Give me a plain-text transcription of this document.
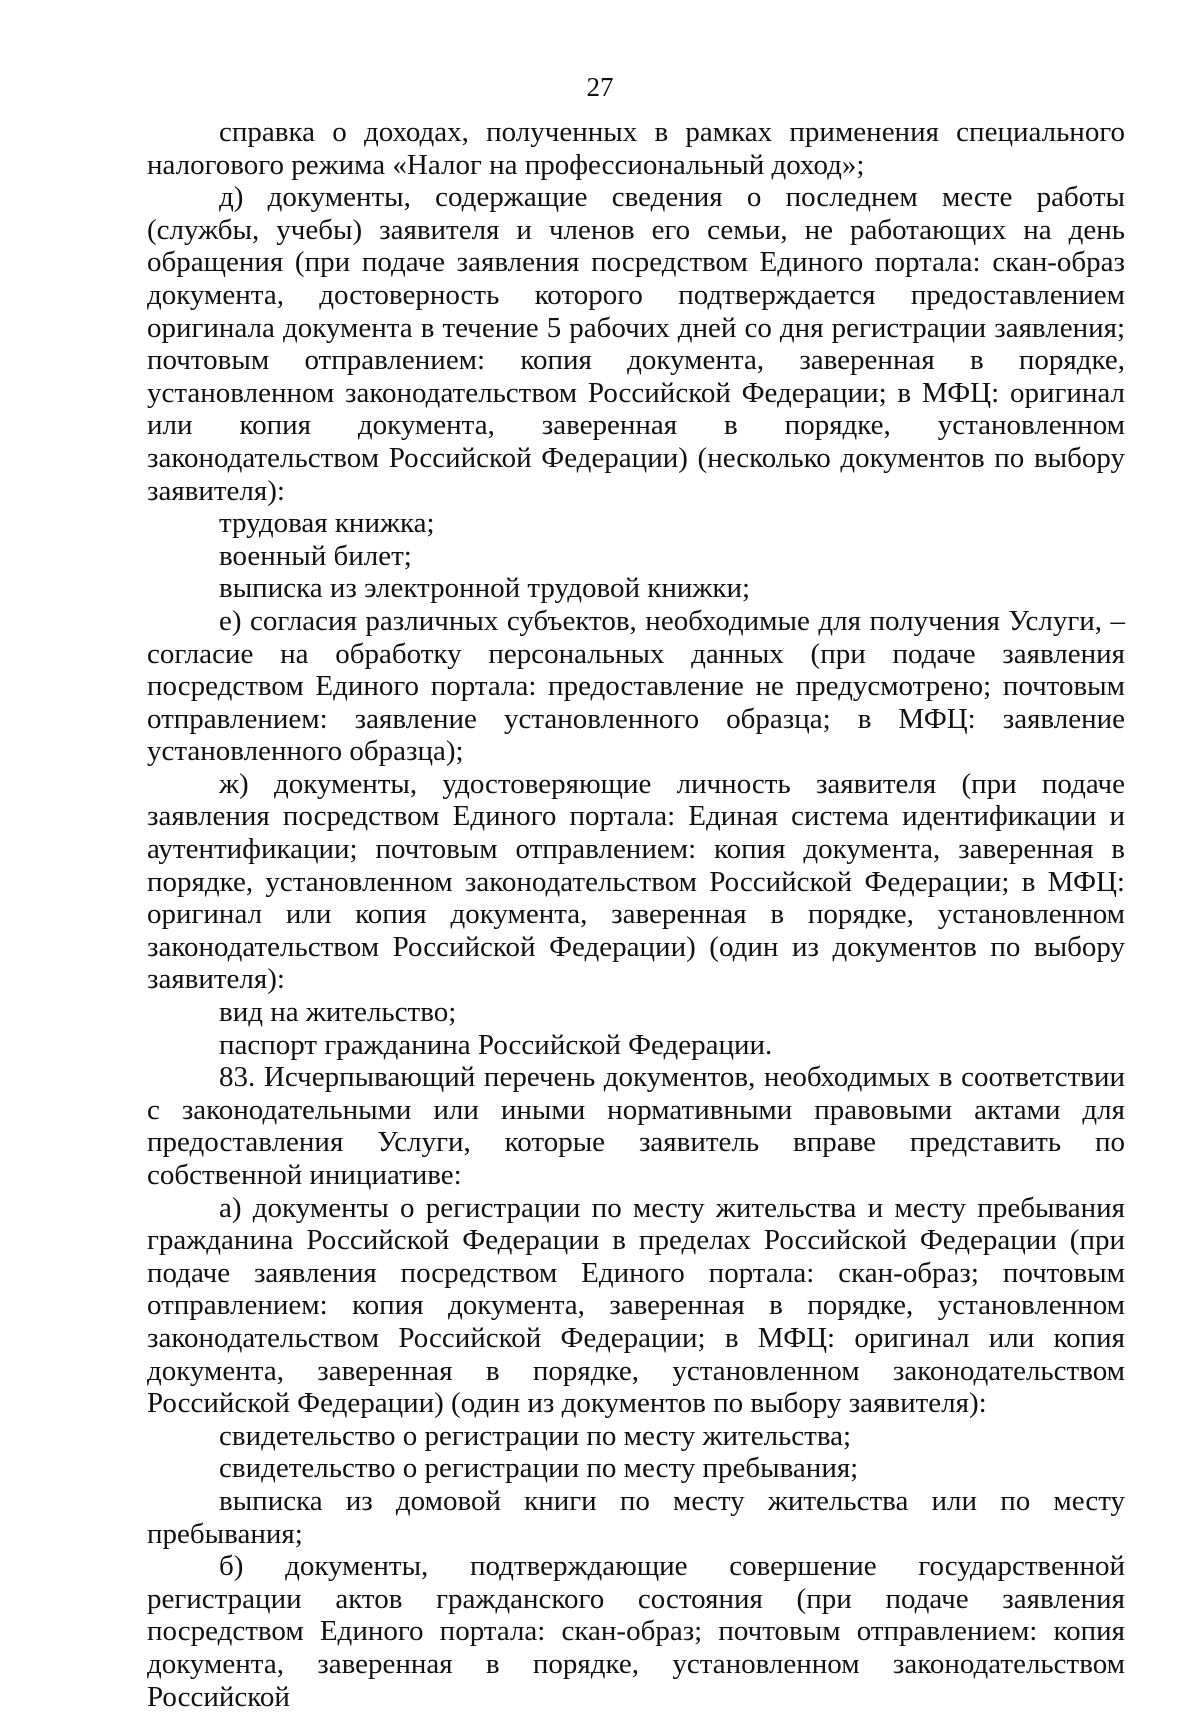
27

справка о доходах, полученных в рамках применения специального налогового режима «Налог на профессиональный доход»;

д) документы, содержащие сведения о последнем месте работы (службы, учебы) заявителя и членов его семьи, не работающих на день обращения (при подаче заявления посредством Единого портала: скан-образ документа, достоверность которого подтверждается предоставлением оригинала документа в течение 5 рабочих дней со дня регистрации заявления; почтовым отправлением: копия документа, заверенная в порядке, установленном законодательством Российской Федерации; в МФЦ: оригинал или копия документа, заверенная в порядке, установленном законодательством Российской Федерации) (несколько документов по выбору заявителя):

трудовая книжка;

военный билет;

выписка из электронной трудовой книжки;

е) согласия различных субъектов, необходимые для получения Услуги, – согласие на обработку персональных данных (при подаче заявления посредством Единого портала: предоставление не предусмотрено; почтовым отправлением: заявление установленного образца; в МФЦ: заявление установленного образца);

ж) документы, удостоверяющие личность заявителя (при подаче заявления посредством Единого портала: Единая система идентификации и аутентификации; почтовым отправлением: копия документа, заверенная в порядке, установленном законодательством Российской Федерации; в МФЦ: оригинал или копия документа, заверенная в порядке, установленном законодательством Российской Федерации) (один из документов по выбору заявителя):

вид на жительство;

паспорт гражданина Российской Федерации.

83. Исчерпывающий перечень документов, необходимых в соответствии с законодательными или иными нормативными правовыми актами для предоставления Услуги, которые заявитель вправе представить по собственной инициативе:

а) документы о регистрации по месту жительства и месту пребывания гражданина Российской Федерации в пределах Российской Федерации (при подаче заявления посредством Единого портала: скан-образ; почтовым отправлением: копия документа, заверенная в порядке, установленном законодательством Российской Федерации; в МФЦ: оригинал или копия документа, заверенная в порядке, установленном законодательством Российской Федерации) (один из документов по выбору заявителя):

свидетельство о регистрации по месту жительства;

свидетельство о регистрации по месту пребывания;

выписка из домовой книги по месту жительства или по месту пребывания;

б) документы, подтверждающие совершение государственной регистрации актов гражданского состояния (при подаче заявления посредством Единого портала: скан-образ; почтовым отправлением: копия документа, заверенная в порядке, установленном законодательством Российской
